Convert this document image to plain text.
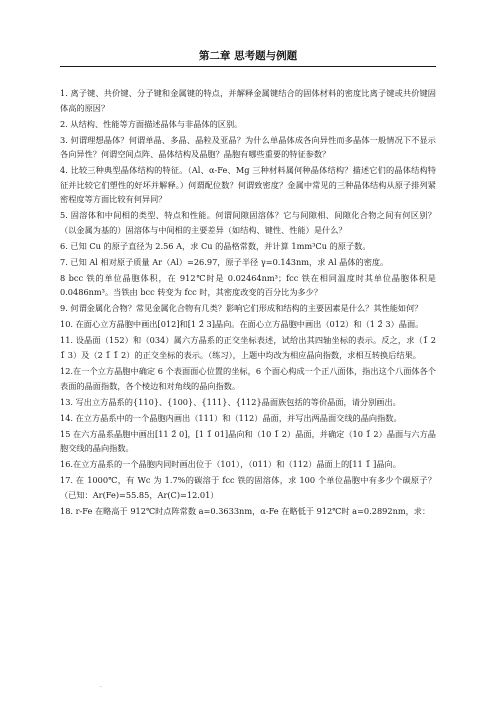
第二章 思考题与例题

1. 离子键、共价键、分子键和金属键的特点，并解释金属键结合的固体材料的密度比离子键或共价键固体高的原因？

2. 从结构、性能等方面描述晶体与非晶体的区别。

3. 何谓理想晶体？何谓单晶、多晶、晶粒及亚晶？为什么单晶体成各向异性而多晶体一般情况下不显示各向异性？何谓空间点阵、晶体结构及晶胞？晶胞有哪些重要的特征参数？

4. 比较三种典型晶体结构的特征。（Al、α-Fe、Mg 三种材料属何种晶体结构？描述它们的晶体结构特征并比较它们塑性的好坏并解释。）何谓配位数？何谓致密度？金属中常见的三种晶体结构从原子排列紧密程度等方面比较有何异同？

5. 固溶体和中间相的类型、特点和性能。何谓间隙固溶体？它与间隙相、间隙化合物之间有何区别？（以金属为基的）固溶体与中间相的主要差异（如结构、键性、性能）是什么？

6. 已知 Cu 的原子直径为 2.56 A，求 Cu 的晶格常数，并计算 1mm³Cu 的原子数。

7. 已知 Al 相对原子质量 Ar（Al）=26.97，原子半径 γ=0.143nm，求 Al 晶体的密度。

8 bcc 铁的单位晶胞体积，在 912℃时是 0.02464nm³；fcc 铁在相同温度时其单位晶胞体积是 0.0486nm³。当铁由 bcc 转变为 fcc 时，其密度改变的百分比为多少？

9. 何谓金属化合物？常见金属化合物有几类？影响它们形成和结构的主要因素是什么？其性能如何？

10. 在面心立方晶胞中画出[012]和[1 2̄ 3]晶向。在面心立方晶胞中画出（012）和（1 2̄ 3）晶面。

11. 设晶面（152）和（034）属六方晶系的正交坐标表述，试给出其四轴坐标的表示。反之，求（1̄ 2 1̄ 3）及（2 1̄ 1̄ 2）的正交坐标的表示。（练习），上题中均改为相应晶向指数，求相互转换后结果。

12.在一个立方晶胞中确定 6 个表面面心位置的坐标，6 个面心构成一个正八面体，指出这个八面体各个表面的晶面指数，各个棱边和对角线的晶向指数。

13. 写出立方晶系的{110}、{100}、{111}、{112}晶面族包括的等价晶面，请分别画出。

14. 在立方晶系中的一个晶胞内画出（111）和（112）晶面，并写出两晶面交线的晶向指数。

15 在六方晶系晶胞中画出[11 2̄ 0]，[1 1̄ 01]晶向和（10 1̄ 2）晶面，并确定（10 1̄ 2）晶面与六方晶胞交线的晶向指数。

16.在立方晶系的一个晶胞内同时画出位于（101），（011）和（112）晶面上的[11 1̄ ]晶向。

17. 在 1000℃，有 Wc 为 1.7%的碳溶于 fcc 铁的固溶体，求 100 个单位晶胞中有多少个碳原子？（已知：Ar(Fe)=55.85，Ar(C)=12.01）

18. r-Fe 在略高于 912℃时点阵常数 a=0.3633nm，α-Fe 在略低于 912℃时 a=0.2892nm，求：

.
